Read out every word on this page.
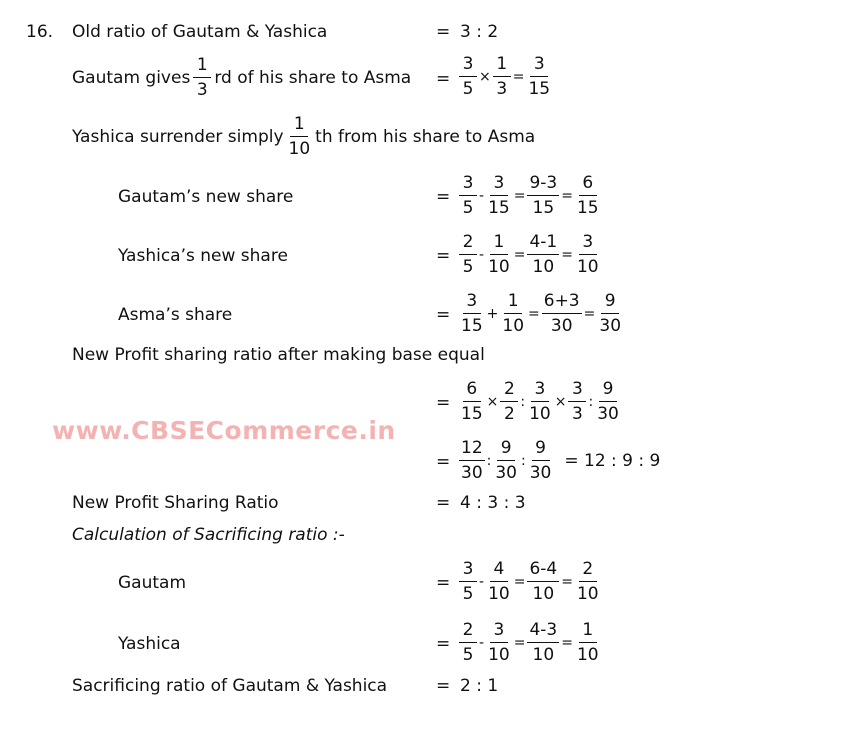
www.CBSECommerce.in
16. Old ratio of Gautam & Yashica	= 3 : 2
Gautam gives $\frac{1}{3}$ rd of his share to Asma = $\frac{3}{5} \times \frac{1}{3} = \frac{3}{15}$
Yashica surrender simply $\frac{1}{10}$ th from his share to Asma
Gautam’s new share	= $\frac{3}{5} - \frac{3}{15} = \frac{9-3}{15} = \frac{6}{15}$
Yashica’s new share	= $\frac{2}{5} - \frac{1}{10} = \frac{4-1}{10} = \frac{3}{10}$
Asma’s share	= $\frac{3}{15} + \frac{1}{10} = \frac{6+3}{30} = \frac{9}{30}$
New Profit sharing ratio after making base equal
= $\frac{6}{15} \times \frac{2}{2}$ : $\frac{3}{10} \times \frac{3}{3}$ : $\frac{9}{30}$
= $\frac{12}{30}$ : $\frac{9}{30}$ : $\frac{9}{30} = 12$ : 9 : 9
New Profit Sharing Ratio	= 4 : 3 : 3
Calculation of Sacrificing ratio :-
Gautam	= $\frac{3}{5} - \frac{4}{10} = \frac{6-4}{10} = \frac{2}{10}$
Yashica	= $\frac{2}{5} - \frac{3}{10} = \frac{4-3}{10} = \frac{1}{10}$
Sacrificing ratio of Gautam & Yashica	= 2 : 1
